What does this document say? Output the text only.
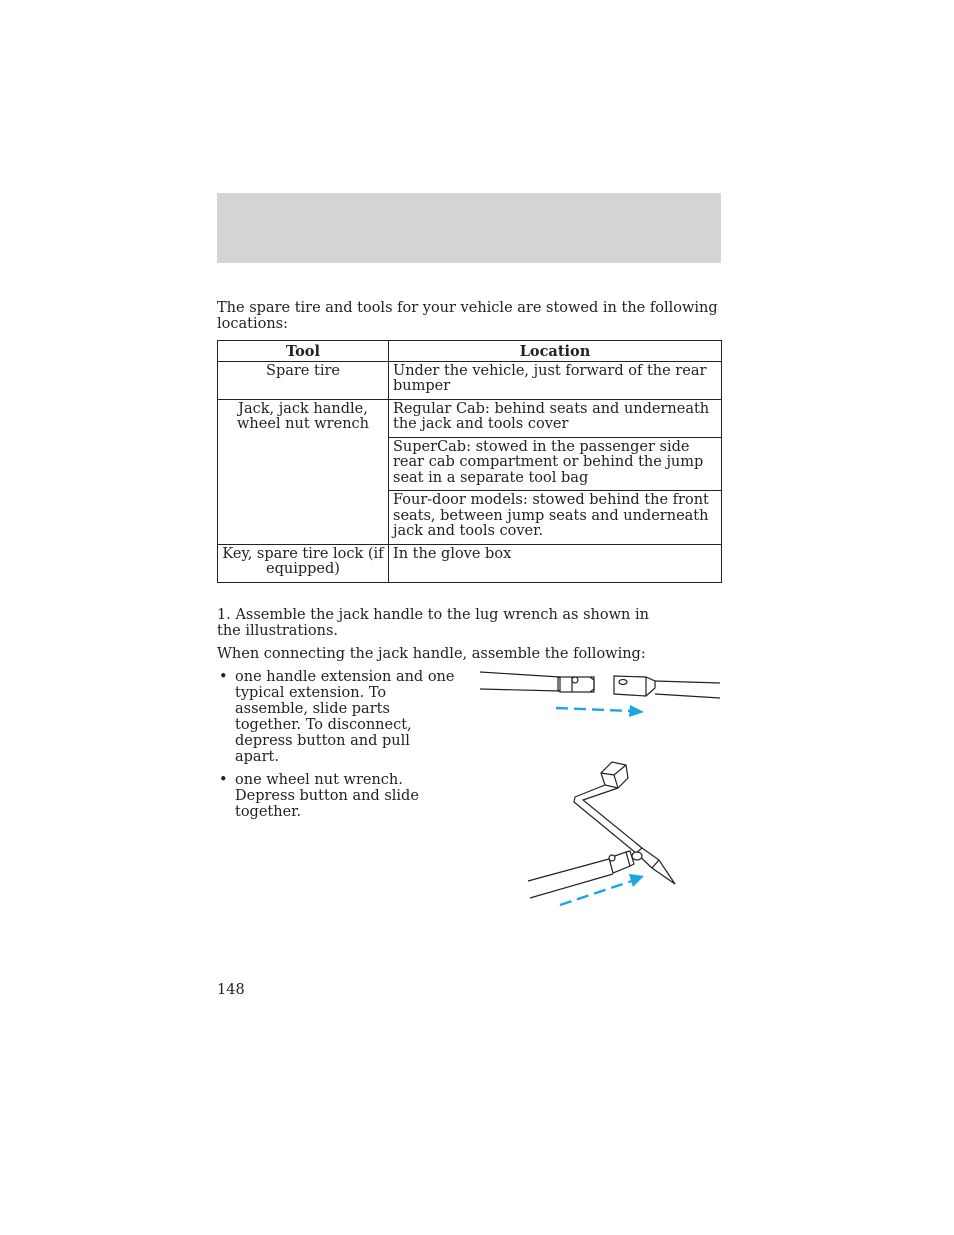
The spare tire and tools for your vehicle are stowed in the following locations:

Tool	Location
Spare tire	Under the vehicle, just forward of the rear bumper
Jack, jack handle, wheel nut wrench	Regular Cab: behind seats and underneath the jack and tools cover
	SuperCab: stowed in the passenger side rear cab compartment or behind the jump seat in a separate tool bag
	Four-door models: stowed behind the front seats, between jump seats and underneath jack and tools cover.
Key, spare tire lock (if equipped)	In the glove box

1. Assemble the jack handle to the lug wrench as shown in the illustrations.

When connecting the jack handle, assemble the following:

• one handle extension and one typical extension. To assemble, slide parts together. To disconnect, depress button and pull apart.
• one wheel nut wrench. Depress button and slide together.
148
